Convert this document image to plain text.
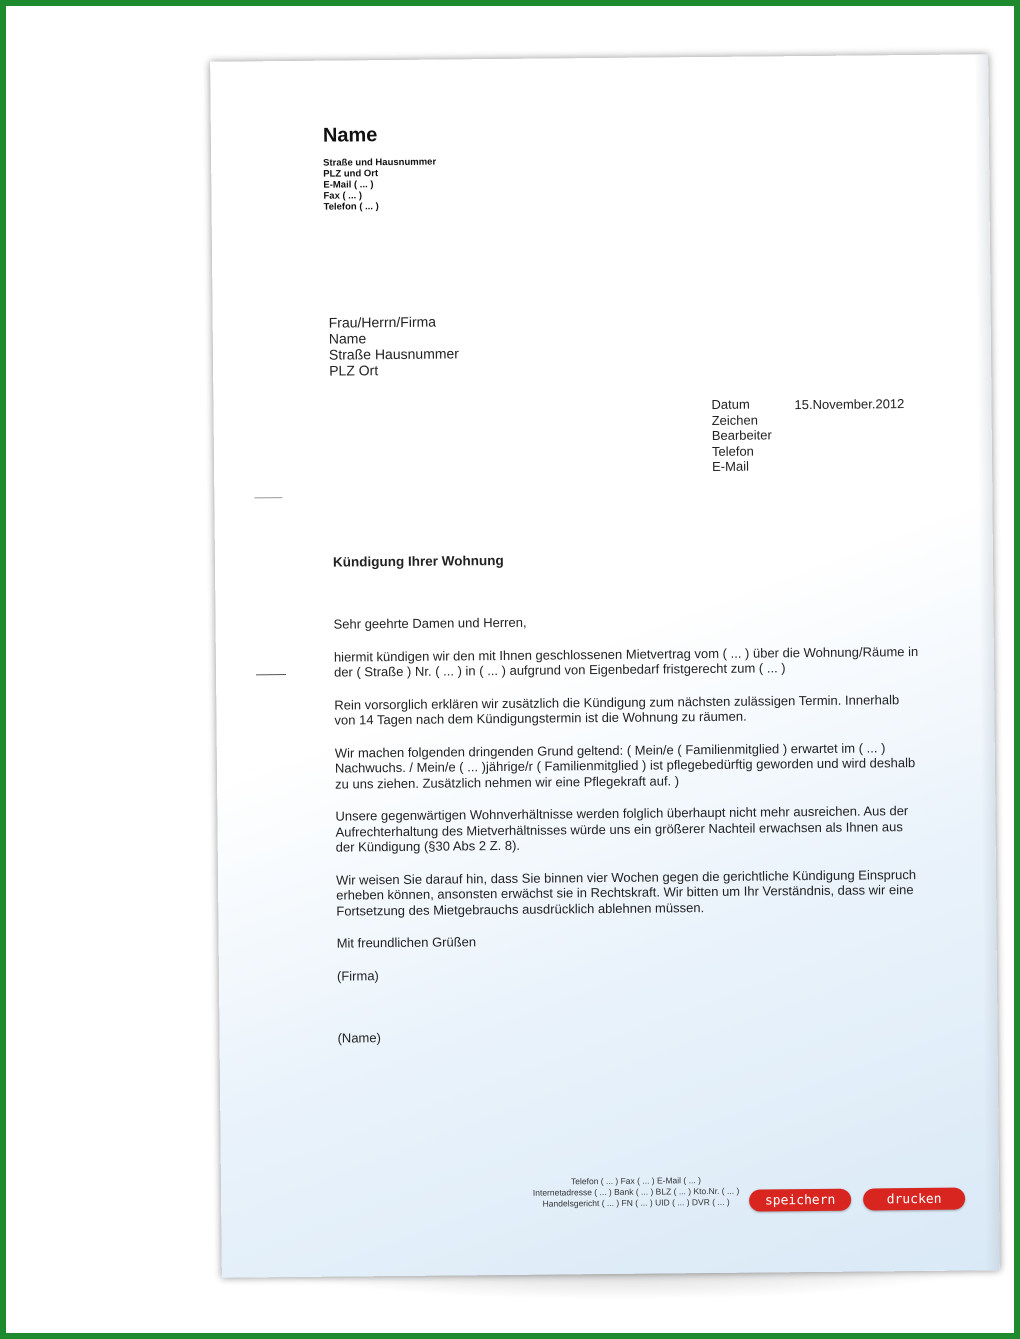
Name
Straße und Hausnummer
PLZ und Ort
E-Mail ( ... )
Fax ( ... )
Telefon ( ... )
Frau/Herrn/Firma
Name
Straße Hausnummer
PLZ Ort
Datum
Zeichen
Bearbeiter
Telefon
E-Mail
15.November.2012
Kündigung Ihrer Wohnung

Sehr geehrte Damen und Herren,

hiermit kündigen wir den mit Ihnen geschlossenen Mietvertrag vom ( ... ) über die Wohnung/Räume in der ( Straße ) Nr. ( ... ) in ( ... ) aufgrund von Eigenbedarf fristgerecht zum ( ... )

Rein vorsorglich erklären wir zusätzlich die Kündigung zum nächsten zulässigen Termin. Innerhalb von 14 Tagen nach dem Kündigungstermin ist die Wohnung zu räumen.

Wir machen folgenden dringenden Grund geltend: ( Mein/e ( Familienmitglied ) erwartet im ( ... ) Nachwuchs. / Mein/e ( ... )jährige/r ( Familienmitglied ) ist pflegebedürftig geworden und wird deshalb zu uns ziehen. Zusätzlich nehmen wir eine Pflegekraft auf. )

Unsere gegenwärtigen Wohnverhältnisse werden folglich überhaupt nicht mehr ausreichen. Aus der Aufrechterhaltung des Mietverhältnisses würde uns ein größerer Nachteil erwachsen als Ihnen aus der Kündigung (§30 Abs 2 Z. 8).

Wir weisen Sie darauf hin, dass Sie binnen vier Wochen gegen die gerichtliche Kündigung Einspruch erheben können, ansonsten erwächst sie in Rechtskraft. Wir bitten um Ihr Verständnis, dass wir eine Fortsetzung des Mietgebrauchs ausdrücklich ablehnen müssen.

Mit freundlichen Grüßen

(Firma)

(Name)

Telefon ( ... ) Fax ( ... ) E-Mail ( ... )
Internetadresse ( ... ) Bank ( ... ) BLZ ( ... ) Kto.Nr. ( ... )
Handelsgericht ( ... ) FN ( ... ) UID ( ... ) DVR ( ... )	speichern	drucken
